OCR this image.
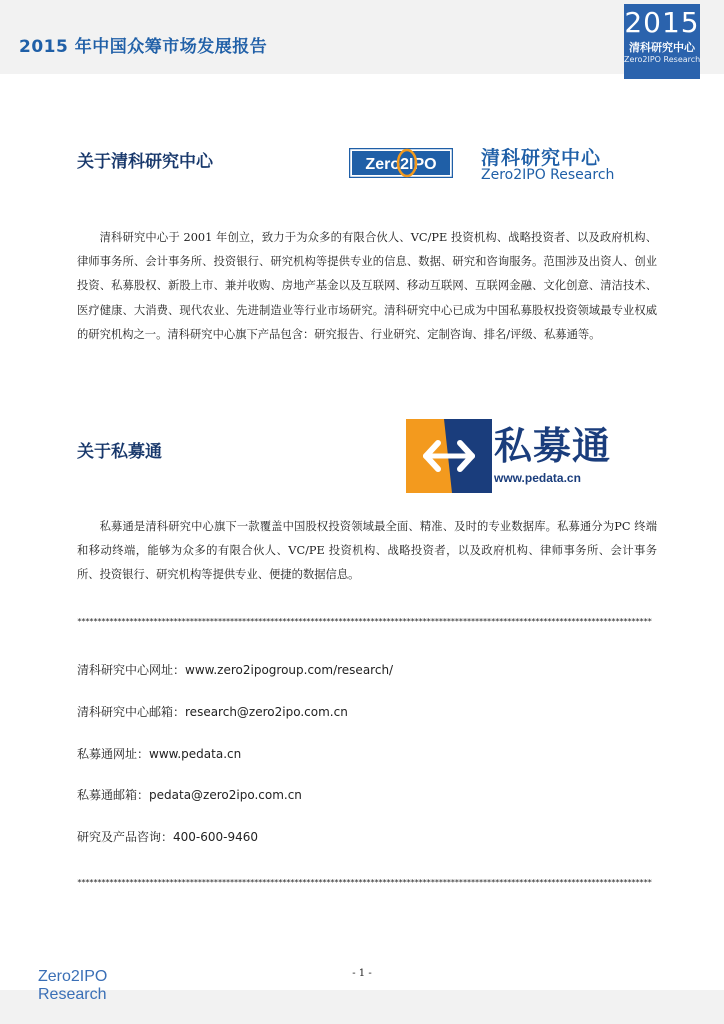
2015 年中国众筹市场发展报告
2015
清科研究中心
Zero2IPO Research
关于清科研究中心	Zero2IPO 清科研究中心
Zero2IPO Research

清科研究中心于 2001 年创立，致力于为众多的有限合伙人、VC/PE 投资机构、战略投资者、以及政府机构、律师事务所、会计事务所、投资银行、研究机构等提供专业的信息、数据、研究和咨询服务。范围涉及出资人、创业投资、私募股权、新股上市、兼并收购、房地产基金以及互联网、移动互联网、互联网金融、文化创意、清洁技术、医疗健康、大消费、现代农业、先进制造业等行业市场研究。清科研究中心已成为中国私募股权投资领域最专业权威的研究机构之一。清科研究中心旗下产品包含：研究报告、行业研究、定制咨询、排名/评级、私募通等。

关于私募通	私募通
www.pedata.cn

私募通是清科研究中心旗下一款覆盖中国股权投资领域最全面、精准、及时的专业数据库。私募通分为PC 终端 和移动终端，能够为众多的有限合伙人、VC/PE 投资机构、战略投资者，以及政府机构、律师事务所、会计事务所、投资银行、研究机构等提供专业、便捷的数据信息。

***********************************************************************************************************************************************
清科研究中心网址：www.zero2ipogroup.com/research/
清科研究中心邮箱：research@zero2ipo.com.cn
私募通网址：www.pedata.cn
私募通邮箱：pedata@zero2ipo.com.cn
研究及产品咨询：400-600-9460
***********************************************************************************************************************************************
Zero2IPO
Research
- 1 -
